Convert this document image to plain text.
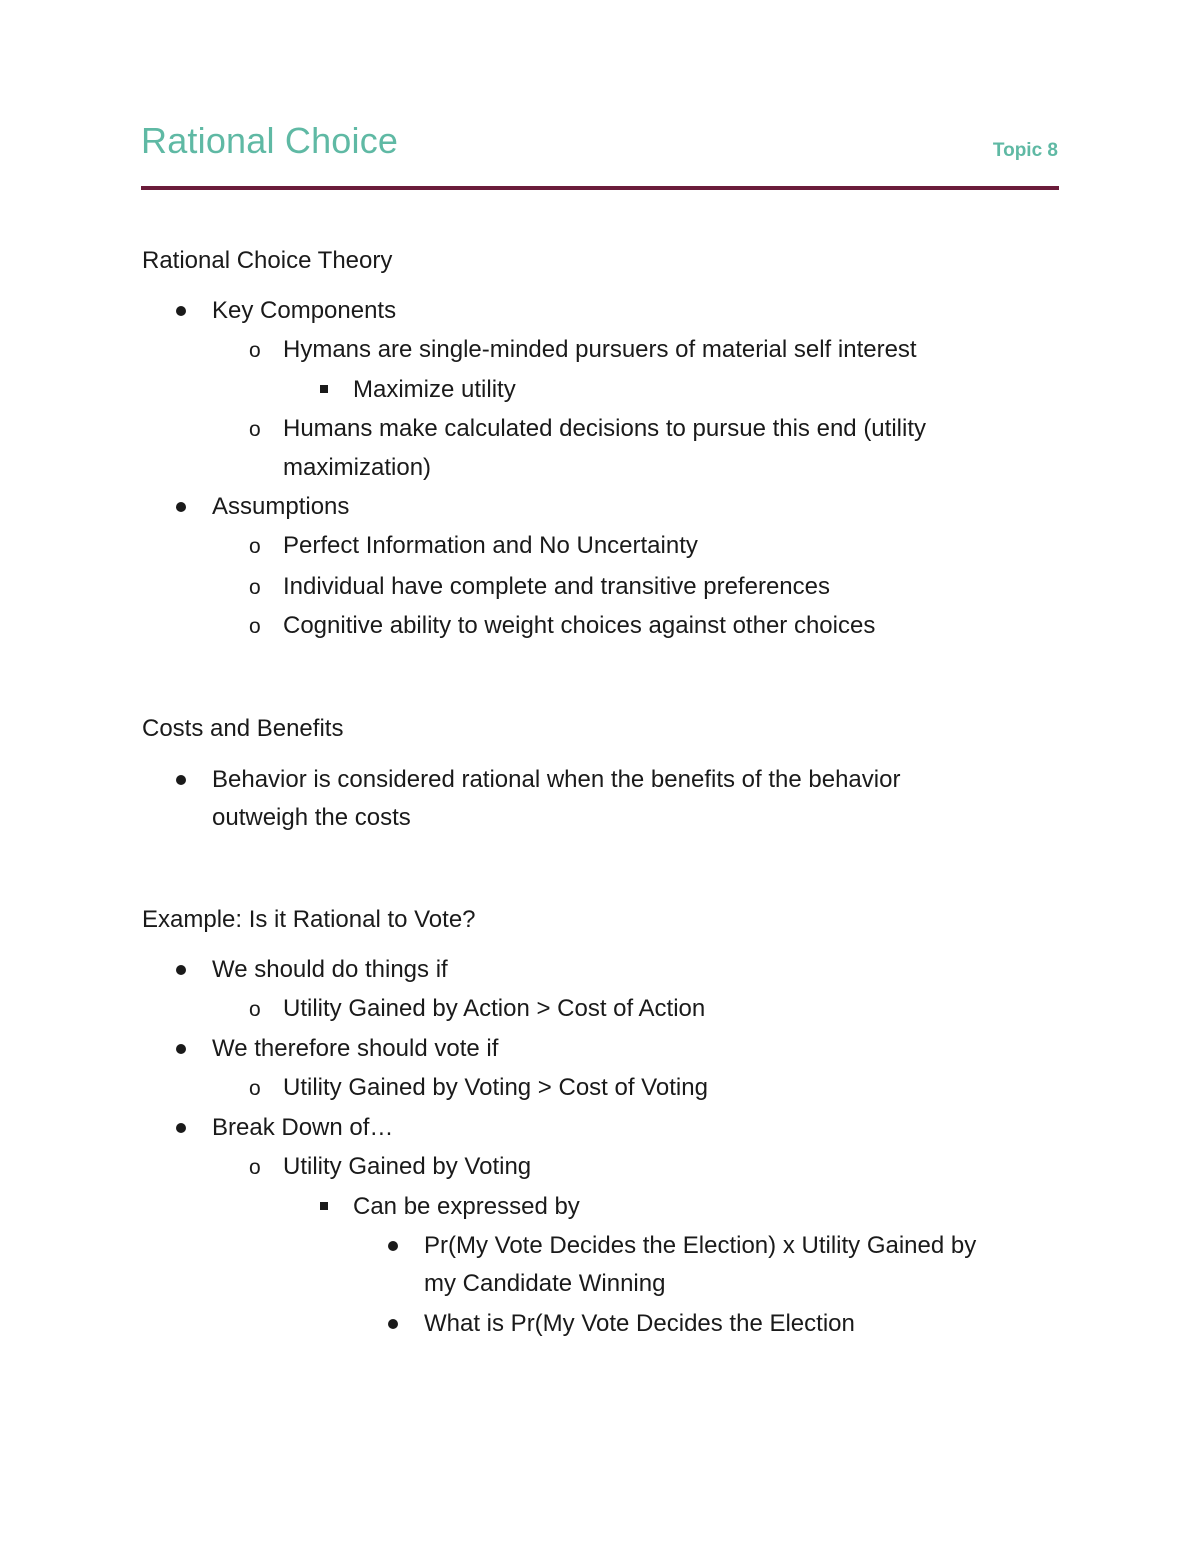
Rational Choice	Topic 8
Rational Choice Theory
Key Components
o Hymans are single-minded pursuers of material self interest
Maximize utility
o Humans make calculated decisions to pursue this end (utility
maximization)
Assumptions
o Perfect Information and No Uncertainty
o Individual have complete and transitive preferences
o Cognitive ability to weight choices against other choices
Costs and Benefits
Behavior is considered rational when the benefits of the behavior
outweigh the costs
Example: Is it Rational to Vote?
We should do things if
o Utility Gained by Action > Cost of Action
We therefore should vote if
o Utility Gained by Voting > Cost of Voting
Break Down of…
o Utility Gained by Voting
Can be expressed by
Pr(My Vote Decides the Election) x Utility Gained by
my Candidate Winning
What is Pr(My Vote Decides the Election
